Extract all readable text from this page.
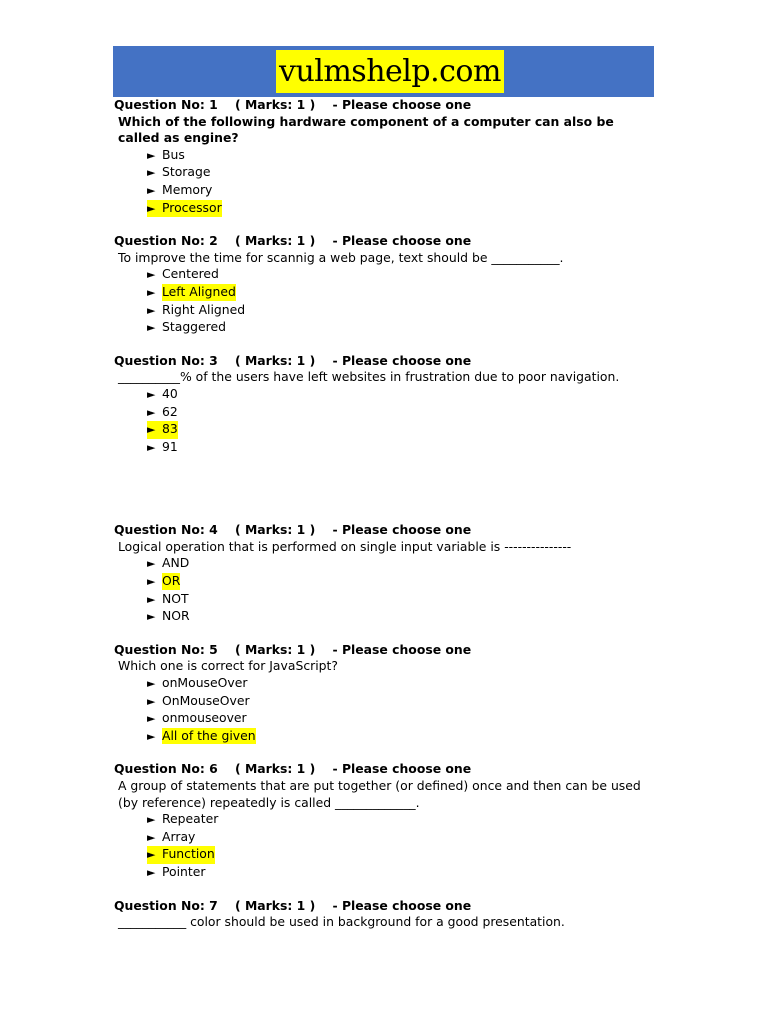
vulmshelp.com

Question No: 1    ( Marks: 1 )    - Please choose one

Which of the following hardware component of a computer can also be called as engine?

► Bus
► Storage
► Memory
► Processor

Question No: 2    ( Marks: 1 )    - Please choose one

To improve the time for scannig a web page, text should be ___________.

► Centered
► Left Aligned
► Right Aligned
► Staggered

Question No: 3    ( Marks: 1 )    - Please choose one

__________% of the users have left websites in frustration due to poor navigation.

► 40
► 62
► 83
► 91

Question No: 4    ( Marks: 1 )    - Please choose one

Logical operation that is performed on single input variable is ---------------

► AND
► OR
► NOT
► NOR

Question No: 5    ( Marks: 1 )    - Please choose one

Which one is correct for JavaScript?

► onMouseOver
► OnMouseOver
► onmouseover
► All of the given

Question No: 6    ( Marks: 1 )    - Please choose one

A group of statements that are put together (or defined) once and then can be used (by reference) repeatedly is called _____________.

► Repeater
► Array
► Function
► Pointer

Question No: 7    ( Marks: 1 )    - Please choose one

___________ color should be used in background for a good presentation.
